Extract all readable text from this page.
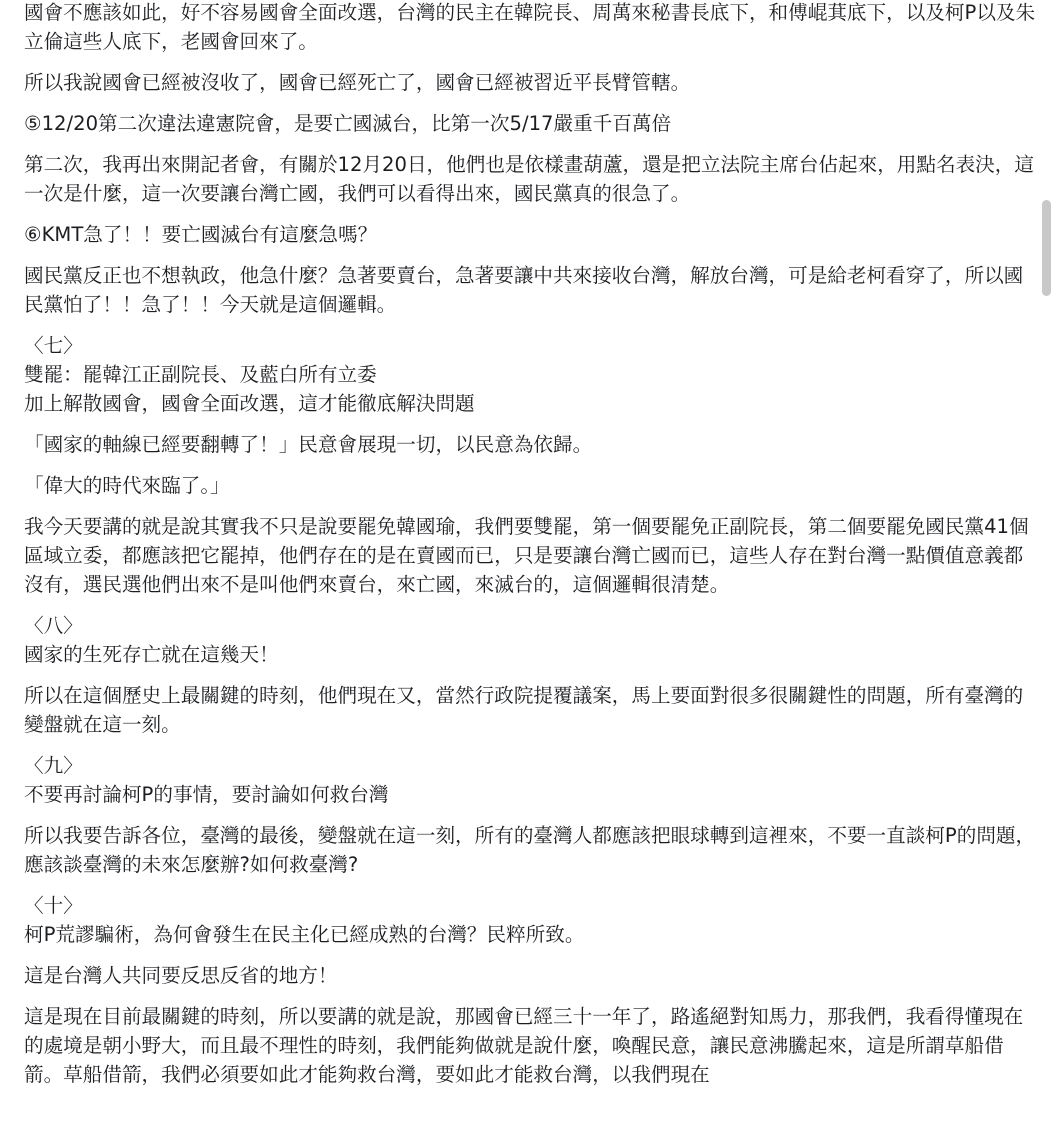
國會不應該如此，好不容易國會全面改選，台灣的民主在韓院長、周萬來秘書長底下，和傅崐萁底下，以及柯P以及朱立倫這些人底下，老國會回來了。

所以我說國會已經被沒收了，國會已經死亡了，國會已經被習近平長臂管轄。

⑤12/20第二次違法違憲院會，是要亡國滅台，比第一次5/17嚴重千百萬倍

第二次，我再出來開記者會，有關於12月20日，他們也是依樣畫葫蘆，還是把立法院主席台佔起來，用點名表決，這一次是什麼，這一次要讓台灣亡國，我們可以看得出來，國民黨真的很急了。

⑥KMT急了！！要亡國滅台有這麼急嗎？

國民黨反正也不想執政，他急什麼？急著要賣台，急著要讓中共來接收台灣，解放台灣，可是給老柯看穿了，所以國民黨怕了！！急了！！今天就是這個邏輯。

〈七〉
雙罷：罷韓江正副院長、及藍白所有立委
加上解散國會，國會全面改選，這才能徹底解決問題

「國家的軸線已經要翻轉了！」民意會展現一切，以民意為依歸。

「偉大的時代來臨了。」

我今天要講的就是說其實我不只是說要罷免韓國瑜，我們要雙罷，第一個要罷免正副院長，第二個要罷免國民黨41個區域立委，都應該把它罷掉，他們存在的是在賣國而已，只是要讓台灣亡國而已，這些人存在對台灣一點價值意義都沒有，選民選他們出來不是叫他們來賣台，來亡國，來滅台的，這個邏輯很清楚。

〈八〉
國家的生死存亡就在這幾天！

所以在這個歷史上最關鍵的時刻，他們現在又，當然行政院提覆議案，馬上要面對很多很關鍵性的問題，所有臺灣的變盤就在這一刻。

〈九〉
不要再討論柯P的事情，要討論如何救台灣

所以我要告訴各位，臺灣的最後，變盤就在這一刻，所有的臺灣人都應該把眼球轉到這裡來，不要一直談柯P的問題，應該談臺灣的未來怎麼辦?如何救臺灣?

〈十〉
柯P荒謬騙術，為何會發生在民主化已經成熟的台灣？民粹所致。

這是台灣人共同要反思反省的地方！

這是現在目前最關鍵的時刻，所以要講的就是說，那國會已經三十一年了，路遙絕對知馬力，那我們，我看得懂現在的處境是朝小野大，而且最不理性的時刻，我們能夠做就是說什麼，喚醒民意，讓民意沸騰起來，這是所謂草船借箭。草船借箭，我們必須要如此才能夠救台灣，要如此才能救台灣，以我們現在
